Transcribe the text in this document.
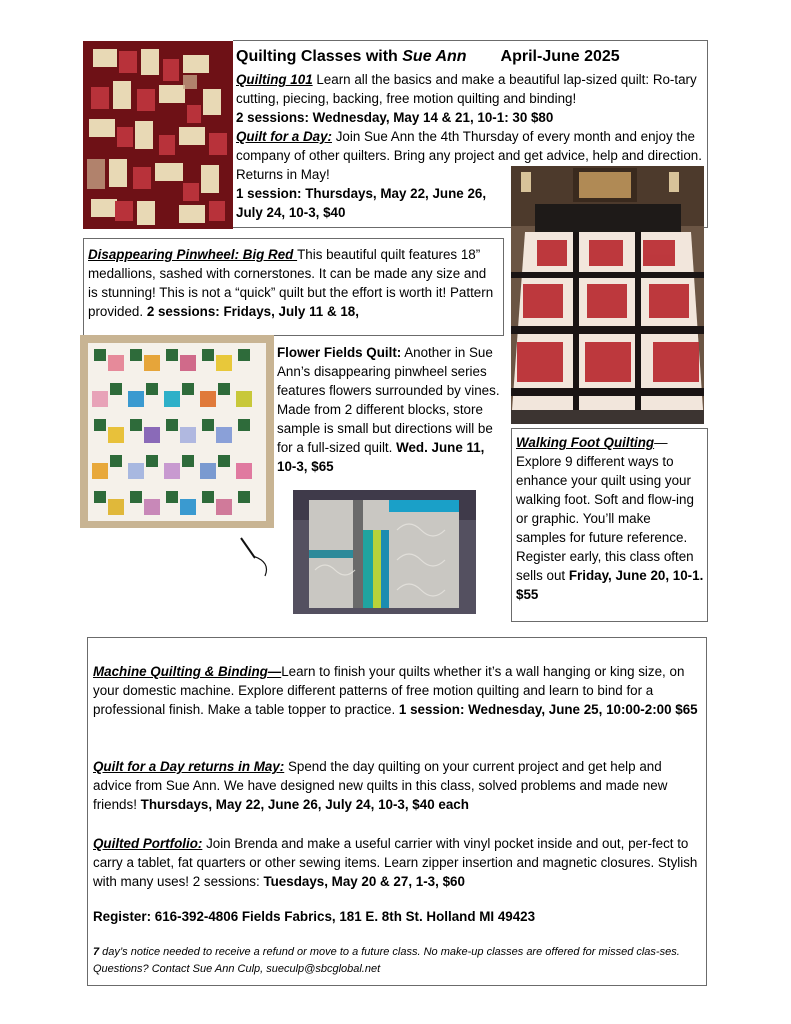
Quilting Classes with Sue Ann April-June 2025
Quilting 101 Learn all the basics and make a beautiful lap-sized quilt: Ro-tary cutting, piecing, backing, free motion quilting and binding!
2 sessions: Wednesday, May 14 & 21, 10-1: 30 $80
Quilt for a Day: Join Sue Ann the 4th Thursday of every month and enjoy the company of other quilters. Bring any project and get advice, help and direction. Returns in May!
1 session: Thursdays, May 22, June 26,
July 24, 10-3, $40
Disappearing Pinwheel: Big Red This beautiful quilt features 18” medallions, sashed with cornerstones. It can be made any size and is stunning! This is not a “quick” quilt but the effort is worth it! Pattern provided. 2 sessions: Fridays, July 11 & 18,
Flower Fields Quilt: Another in Sue Ann’s disappearing pinwheel series features flowers surrounded by vines. Made from 2 different blocks, store sample is small but directions will be for a full-sized quilt. Wed. June 11, 10-3, $65
Walking Foot Quilting—Explore 9 different ways to enhance your quilt using your walking foot. Soft and flow-ing or graphic. You’ll make samples for future reference. Register early, this class often sells out Friday, June 20, 10-1. $55
Machine Quilting & Binding—Learn to finish your quilts whether it’s a wall hanging or king size, on your domestic machine. Explore different patterns of free motion quilting and learn to bind for a professional finish. Make a table topper to practice. 1 session: Wednesday, June 25, 10:00-2:00 $65
Quilt for a Day returns in May: Spend the day quilting on your current project and get help and advice from Sue Ann. We have designed new quilts in this class, solved problems and made new friends! Thursdays, May 22, June 26, July 24, 10-3, $40 each
Quilted Portfolio: Join Brenda and make a useful carrier with vinyl pocket inside and out, per-fect to carry a tablet, fat quarters or other sewing items. Learn zipper insertion and magnetic closures. Stylish with many uses! 2 sessions: Tuesdays, May 20 & 27, 1-3, $60
Register: 616-392-4806 Fields Fabrics, 181 E. 8th St. Holland MI 49423
7 day’s notice needed to receive a refund or move to a future class. No make-up classes are offered for missed clas-ses. Questions? Contact Sue Ann Culp, sueculp@sbcglobal.net
